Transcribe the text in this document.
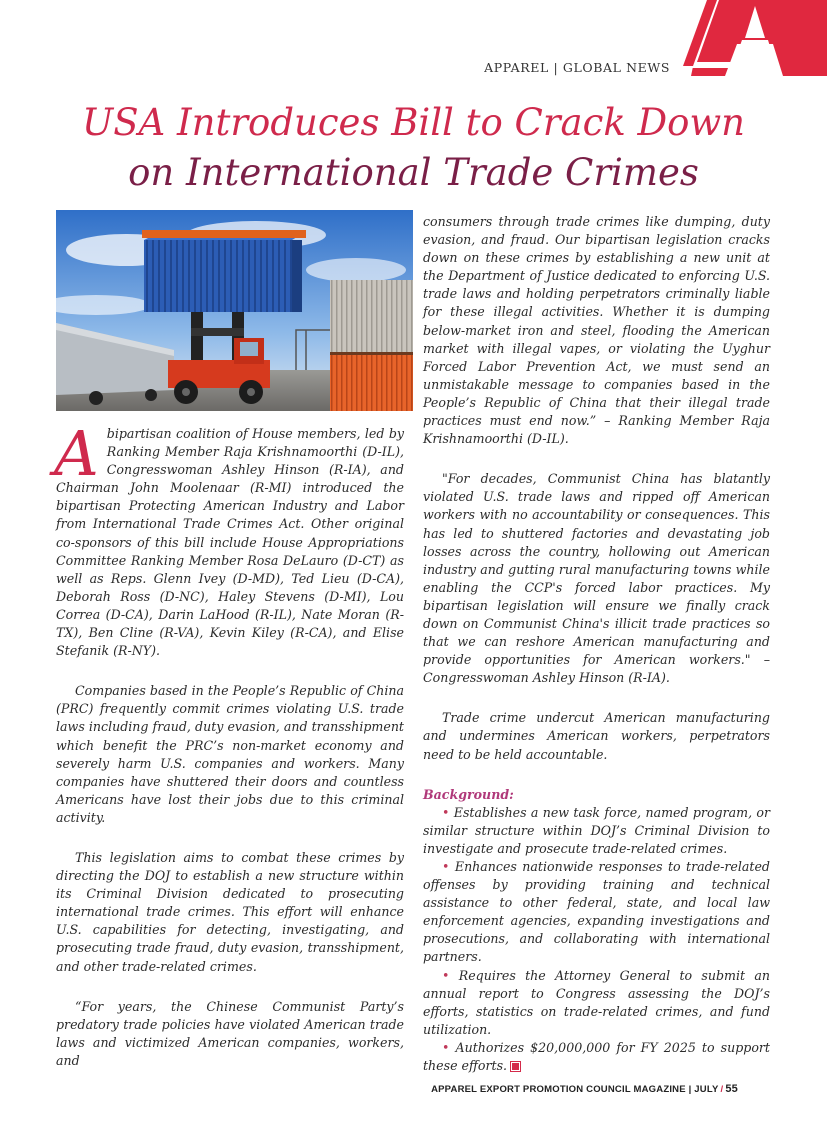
APPAREL | GLOBAL NEWS
USA Introduces Bill to Crack Down
on International Trade Crimes

Abipartisan coalition of House members, led by Ranking Member Raja Krishnamoorthi (D-IL), Congresswoman Ashley Hinson (R-IA), and Chairman John Moolenaar (R-MI) introduced the bipartisan Protecting American Industry and Labor from International Trade Crimes Act. Other original co-sponsors of this bill include House Appropriations Committee Ranking Member Rosa DeLauro (D-CT) as well as Reps. Glenn Ivey (D-MD), Ted Lieu (D-CA), Deborah Ross (D-NC), Haley Stevens (D-MI), Lou Correa (D-CA), Darin LaHood (R-IL), Nate Moran (R-TX), Ben Cline (R-VA), Kevin Kiley (R-CA), and Elise Stefanik (R-NY).

Companies based in the People’s Republic of China (PRC) frequently commit crimes violating U.S. trade laws including fraud, duty evasion, and transshipment which benefit the PRC’s non-market economy and severely harm U.S. companies and workers. Many companies have shuttered their doors and countless Americans have lost their jobs due to this criminal activity.

This legislation aims to combat these crimes by directing the DOJ to establish a new structure within its Criminal Division dedicated to prosecuting international trade crimes. This effort will enhance U.S. capabilities for detecting, investigating, and prosecuting trade fraud, duty evasion, transshipment, and other trade-related crimes.

“For years, the Chinese Communist Party’s predatory trade policies have violated American trade laws and victimized American companies, workers, and

consumers through trade crimes like dumping, duty evasion, and fraud. Our bipartisan legislation cracks down on these crimes by establishing a new unit at the Department of Justice dedicated to enforcing U.S. trade laws and holding perpetrators criminally liable for these illegal activities. Whether it is dumping below-market iron and steel, flooding the American market with illegal vapes, or violating the Uyghur Forced Labor Prevention Act, we must send an unmistakable message to companies based in the People’s Republic of China that their illegal trade practices must end now.” – Ranking Member Raja Krishnamoorthi (D-IL).

"For decades, Communist China has blatantly violated U.S. trade laws and ripped off American workers with no accountability or consequences. This has led to shuttered factories and devastating job losses across the country, hollowing out American industry and gutting rural manufacturing towns while enabling the CCP's forced labor practices. My bipartisan legislation will ensure we finally crack down on Communist China's illicit trade practices so that we can reshore American manufacturing and provide opportunities for American workers." –Congresswoman Ashley Hinson (R-IA).

Trade crime undercut American manufacturing and undermines American workers, perpetrators need to be held accountable.

Background:

• Establishes a new task force, named program, or similar structure within DOJ’s Criminal Division to investigate and prosecute trade-related crimes.

• Enhances nationwide responses to trade-related offenses by providing training and technical assistance to other federal, state, and local law enforcement agencies, expanding investigations and prosecutions, and collaborating with international partners.

• Requires the Attorney General to submit an annual report to Congress assessing the DOJ’s efforts, statistics on trade-related crimes, and fund utilization.

• Authorizes $20,000,000 for FY 2025 to support these efforts.

APPAREL EXPORT PROMOTION COUNCIL MAGAZINE | JULY / 55
